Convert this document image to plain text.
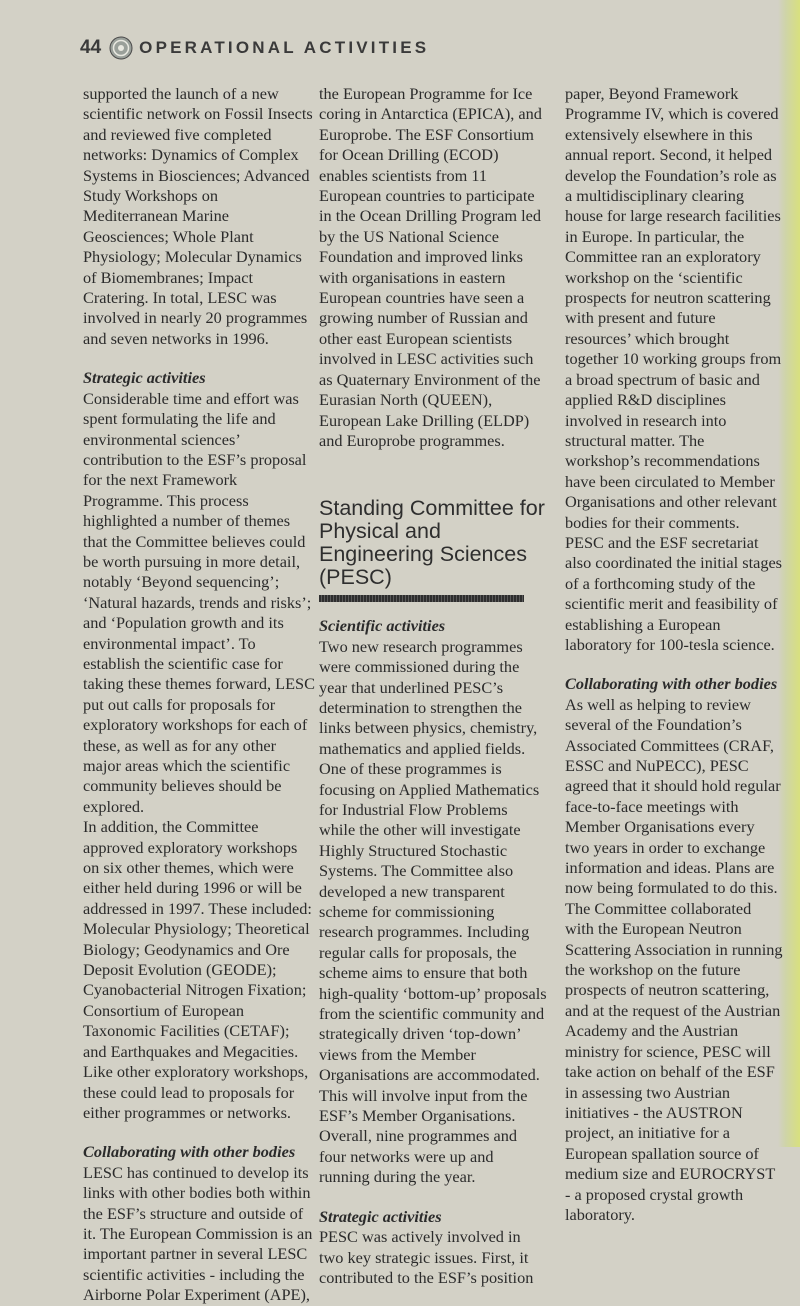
44 OPERATIONAL ACTIVITIES

supported the launch of a new scientific network on Fossil Insects and reviewed five completed networks: Dynamics of Complex Systems in Biosciences; Advanced Study Workshops on Mediterranean Marine Geosciences; Whole Plant Physiology; Molecular Dynamics of Biomembranes; Impact Cratering. In total, LESC was involved in nearly 20 programmes and seven networks in 1996.

Strategic activities

Considerable time and effort was spent formulating the life and environmental sciences’ contribution to the ESF’s proposal for the next Framework Programme. This process highlighted a number of themes that the Committee believes could be worth pursuing in more detail, notably ‘Beyond sequencing’; ‘Natural hazards, trends and risks’; and ‘Population growth and its environmental impact’. To establish the scientific case for taking these themes forward, LESC put out calls for proposals for exploratory workshops for each of these, as well as for any other major areas which the scientific community believes should be explored.

In addition, the Committee approved exploratory workshops on six other themes, which were either held during 1996 or will be addressed in 1997. These included: Molecular Physiology; Theoretical Biology; Geodynamics and Ore Deposit Evolution (GEODE); Cyanobacterial Nitrogen Fixation; Consortium of European Taxonomic Facilities (CETAF); and Earthquakes and Megacities. Like other exploratory workshops, these could lead to proposals for either programmes or networks.

Collaborating with other bodies

LESC has continued to develop its links with other bodies both within the ESF’s structure and outside of it. The European Commission is an important partner in several LESC scientific activities - including the Airborne Polar Experiment (APE),

the European Programme for Ice coring in Antarctica (EPICA), and Europrobe. The ESF Consortium for Ocean Drilling (ECOD) enables scientists from 11 European countries to participate in the Ocean Drilling Program led by the US National Science Foundation and improved links with organisations in eastern European countries have seen a growing number of Russian and other east European scientists involved in LESC activities such as Quaternary Environment of the Eurasian North (QUEEN), European Lake Drilling (ELDP) and Europrobe programmes.

Standing Committee for Physical and Engineering Sciences (PESC)
Scientific activities

Two new research programmes were commissioned during the year that underlined PESC’s determination to strengthen the links between physics, chemistry, mathematics and applied fields. One of these programmes is focusing on Applied Mathematics for Industrial Flow Problems while the other will investigate Highly Structured Stochastic Systems. The Committee also developed a new transparent scheme for commissioning research programmes. Including regular calls for proposals, the scheme aims to ensure that both high-quality ‘bottom-up’ proposals from the scientific community and strategically driven ‘top-down’ views from the Member Organisations are accommodated. This will involve input from the ESF’s Member Organisations.

Overall, nine programmes and four networks were up and running during the year.

Strategic activities

PESC was actively involved in two key strategic issues. First, it contributed to the ESF’s position

paper, Beyond Framework Programme IV, which is covered extensively elsewhere in this annual report. Second, it helped develop the Foundation’s role as a multidisciplinary clearing house for large research facilities in Europe. In particular, the Committee ran an exploratory workshop on the ‘scientific prospects for neutron scattering with present and future resources’ which brought together 10 working groups from a broad spectrum of basic and applied R&D disciplines involved in research into structural matter. The workshop’s recommendations have been circulated to Member Organisations and other relevant bodies for their comments.

PESC and the ESF secretariat also coordinated the initial stages of a forthcoming study of the scientific merit and feasibility of establishing a European laboratory for 100-tesla science.

Collaborating with other bodies

As well as helping to review several of the Foundation’s Associated Committees (CRAF, ESSC and NuPECC), PESC agreed that it should hold regular face-to-face meetings with Member Organisations every two years in order to exchange information and ideas. Plans are now being formulated to do this.

The Committee collaborated with the European Neutron Scattering Association in running the workshop on the future prospects of neutron scattering, and at the request of the Austrian Academy and the Austrian ministry for science, PESC will take action on behalf of the ESF in assessing two Austrian initiatives - the AUSTRON project, an initiative for a European spallation source of medium size and EUROCRYST - a proposed crystal growth laboratory.
